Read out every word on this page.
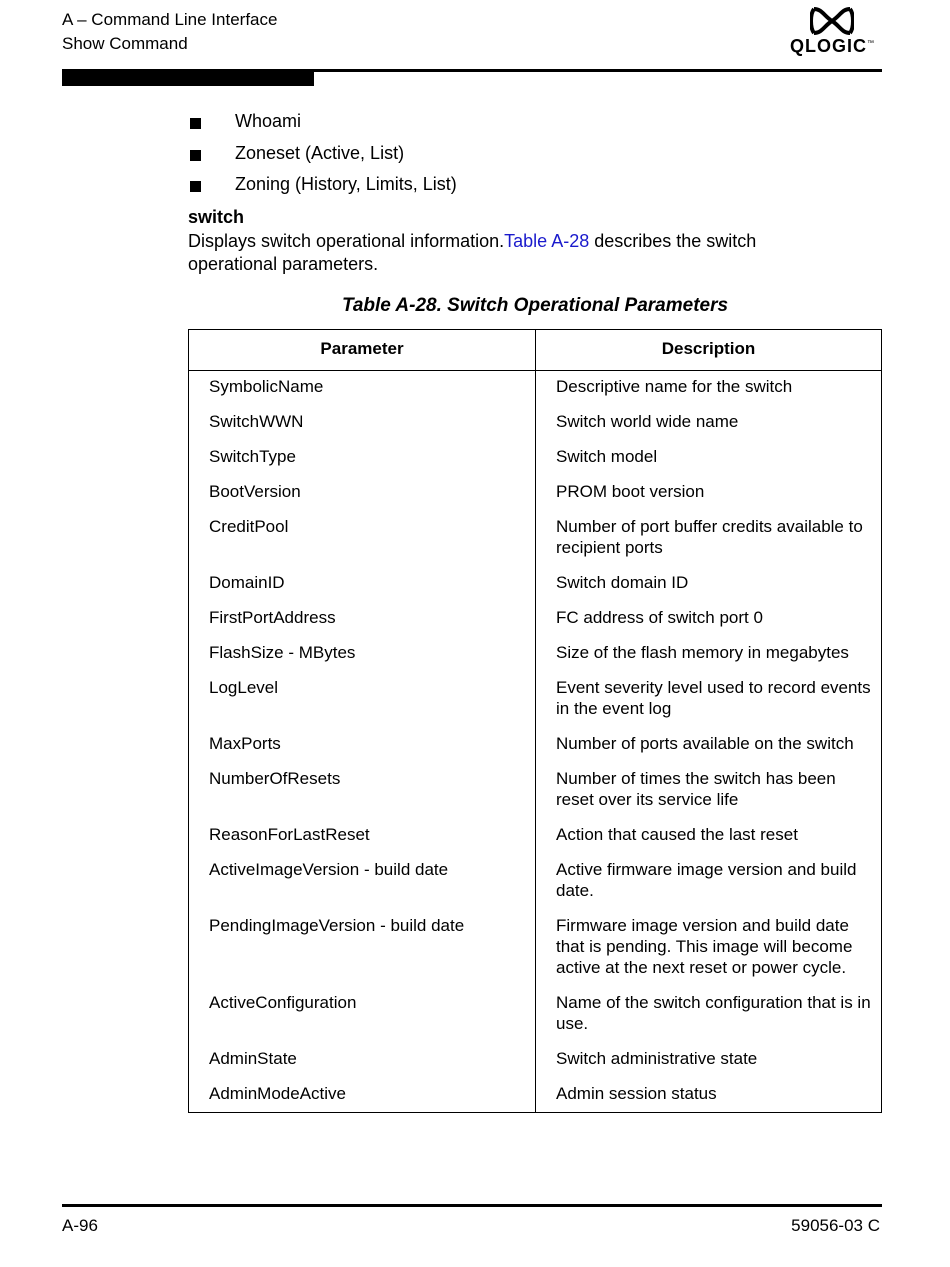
A – Command Line Interface
Show Command	QLOGIC™
Whoami
Zoneset (Active, List)
Zoning (History, Limits, List)
switch
Displays switch operational information.Table A-28 describes the switch operational parameters.
Table A-28. Switch Operational Parameters
Parameter	Description
SymbolicName	Descriptive name for the switch
SwitchWWN	Switch world wide name
SwitchType	Switch model
BootVersion	PROM boot version
CreditPool	Number of port buffer credits available to recipient ports
DomainID	Switch domain ID
FirstPortAddress	FC address of switch port 0
FlashSize - MBytes	Size of the flash memory in megabytes
LogLevel	Event severity level used to record events in the event log
MaxPorts	Number of ports available on the switch
NumberOfResets	Number of times the switch has been reset over its service life
ReasonForLastReset	Action that caused the last reset
ActiveImageVersion - build date	Active firmware image version and build date.
PendingImageVersion - build date	Firmware image version and build date that is pending. This image will become active at the next reset or power cycle.
ActiveConfiguration	Name of the switch configuration that is in use.
AdminState	Switch administrative state
AdminModeActive	Admin session status
A-96	59056-03 C
